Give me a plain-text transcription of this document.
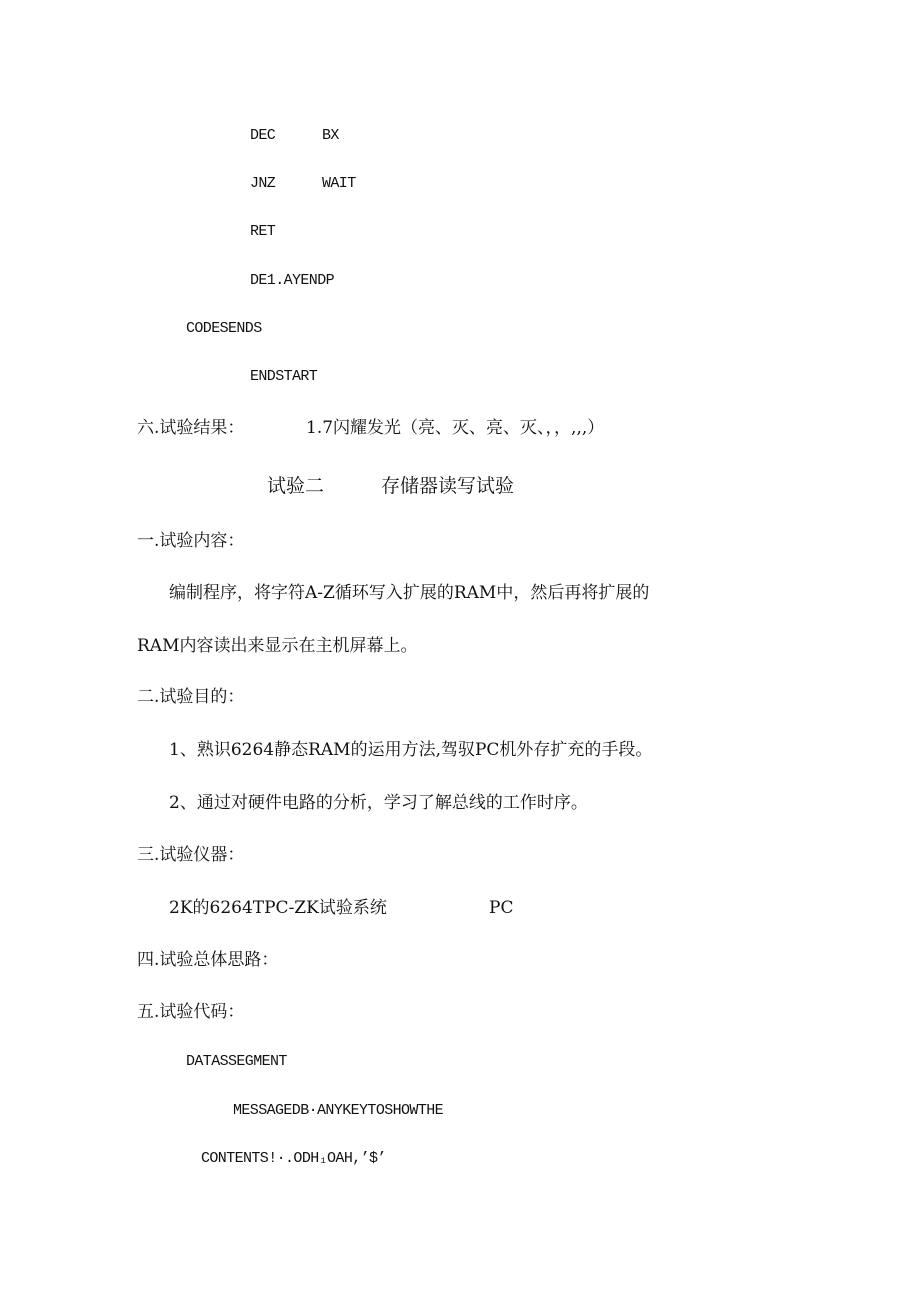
DEC	BX
JNZ	WAIT
RET
DE1.AYENDP
CODESENDS
ENDSTART
六.试验结果：	1.7闪耀发光（亮、灭、亮、灭、，，,,,）
试验二	存储器读写试验
一.试验内容：
编制程序，将字符A-Z循环写入扩展的RAM中，然后再将扩展的
RAM内容读出来显示在主机屏幕上。
二.试验目的：
1、熟识6264静态RAM的运用方法,驾驭PC机外存扩充的手段。
2、通过对硬件电路的分析，学习了解总线的工作时序。
三.试验仪器：
2K的6264TPC-ZK试验系统	PC
四.试验总体思路：
五.试验代码：
DATASSEGMENT
MESSAGEDB·ANYKEYTOSHOWTHE
CONTENTS!·.ODH₁OAH,’$’
